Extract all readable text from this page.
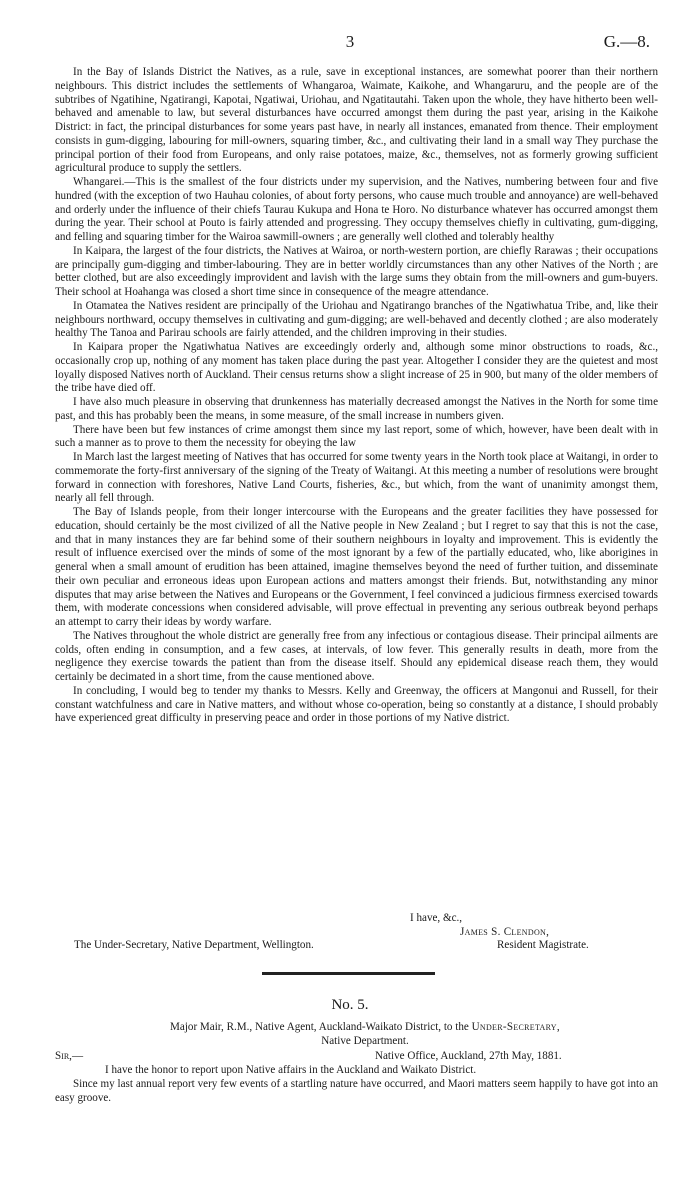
3	G.—8.

In the Bay of Islands District the Natives, as a rule, save in exceptional instances, are somewhat poorer than their northern neighbours. This district includes the settlements of Whangaroa, Waimate, Kaikohe, and Whangaruru, and the people are of the subtribes of Ngatihine, Ngatirangi, Kapotai, Ngatiwai, Uriohau, and Ngatitautahi. Taken upon the whole, they have hitherto been well-behaved and amenable to law, but several disturbances have occurred amongst them during the past year, arising in the Kaikohe District: in fact, the principal disturbances for some years past have, in nearly all instances, emanated from thence. Their employment consists in gum-digging, labouring for mill-owners, squaring timber, &c., and cultivating their land in a small way They purchase the principal portion of their food from Europeans, and only raise potatoes, maize, &c., themselves, not as formerly growing sufficient agricultural produce to supply the settlers.

Whangarei.—This is the smallest of the four districts under my supervision, and the Natives, numbering between four and five hundred (with the exception of two Hauhau colonies, of about forty persons, who cause much trouble and annoyance) are well-behaved and orderly under the influence of their chiefs Taurau Kukupa and Hona te Horo. No disturbance whatever has occurred amongst them during the year. Their school at Pouto is fairly attended and progressing. They occupy themselves chiefly in cultivating, gum-digging, and felling and squaring timber for the Wairoa sawmill-owners ; are generally well clothed and tolerably healthy

In Kaipara, the largest of the four districts, the Natives at Wairoa, or north-western portion, are chiefly Rarawas ; their occupations are principally gum-digging and timber-labouring. They are in better worldly circumstances than any other Natives of the North ; are better clothed, but are also exceedingly improvident and lavish with the large sums they obtain from the mill-owners and gum-buyers. Their school at Hoahanga was closed a short time since in consequence of the meagre attendance.

In Otamatea the Natives resident are principally of the Uriohau and Ngatirango branches of the Ngatiwhatua Tribe, and, like their neighbours northward, occupy themselves in cultivating and gum-digging; are well-behaved and decently clothed ; are also moderately healthy The Tanoa and Parirau schools are fairly attended, and the children improving in their studies.

In Kaipara proper the Ngatiwhatua Natives are exceedingly orderly and, although some minor obstructions to roads, &c., occasionally crop up, nothing of any moment has taken place during the past year. Altogether I consider they are the quietest and most loyally disposed Natives north of Auckland. Their census returns show a slight increase of 25 in 900, but many of the older members of the tribe have died off.

I have also much pleasure in observing that drunkenness has materially decreased amongst the Natives in the North for some time past, and this has probably been the means, in some measure, of the small increase in numbers given.

There have been but few instances of crime amongst them since my last report, some of which, however, have been dealt with in such a manner as to prove to them the necessity for obeying the law

In March last the largest meeting of Natives that has occurred for some twenty years in the North took place at Waitangi, in order to commemorate the forty-first anniversary of the signing of the Treaty of Waitangi. At this meeting a number of resolutions were brought forward in connection with foreshores, Native Land Courts, fisheries, &c., but which, from the want of unanimity amongst them, nearly all fell through.

The Bay of Islands people, from their longer intercourse with the Europeans and the greater facilities they have possessed for education, should certainly be the most civilized of all the Native people in New Zealand ; but I regret to say that this is not the case, and that in many instances they are far behind some of their southern neighbours in loyalty and improvement. This is evidently the result of influence exercised over the minds of some of the most ignorant by a few of the partially educated, who, like aborigines in general when a small amount of erudition has been attained, imagine themselves beyond the need of further tuition, and disseminate their own peculiar and erroneous ideas upon European actions and matters amongst their friends. But, notwithstanding any minor disputes that may arise between the Natives and Europeans or the Government, I feel convinced a judicious firmness exercised towards them, with moderate concessions when considered advisable, will prove effectual in preventing any serious outbreak beyond perhaps an attempt to carry their ideas by wordy warfare.

The Natives throughout the whole district are generally free from any infectious or contagious disease. Their principal ailments are colds, often ending in consumption, and a few cases, at intervals, of low fever. This generally results in death, more from the negligence they exercise towards the patient than from the disease itself. Should any epidemical disease reach them, they would certainly be decimated in a short time, from the cause mentioned above.

In concluding, I would beg to tender my thanks to Messrs. Kelly and Greenway, the officers at Mangonui and Russell, for their constant watchfulness and care in Native matters, and without whose co-operation, being so constantly at a distance, I should probably have experienced great difficulty in preserving peace and order in those portions of my Native district.

I have, &c.,
James S. Clendon,
The Under-Secretary, Native Department, Wellington.	Resident Magistrate.
No. 5.
Major Mair, R.M., Native Agent, Auckland-Waikato District, to the Under-Secretary,
Native Department.
Sir,—	Native Office, Auckland, 27th May, 1881.

I have the honor to report upon Native affairs in the Auckland and Waikato District.

Since my last annual report very few events of a startling nature have occurred, and Maori matters seem happily to have got into an easy groove.
